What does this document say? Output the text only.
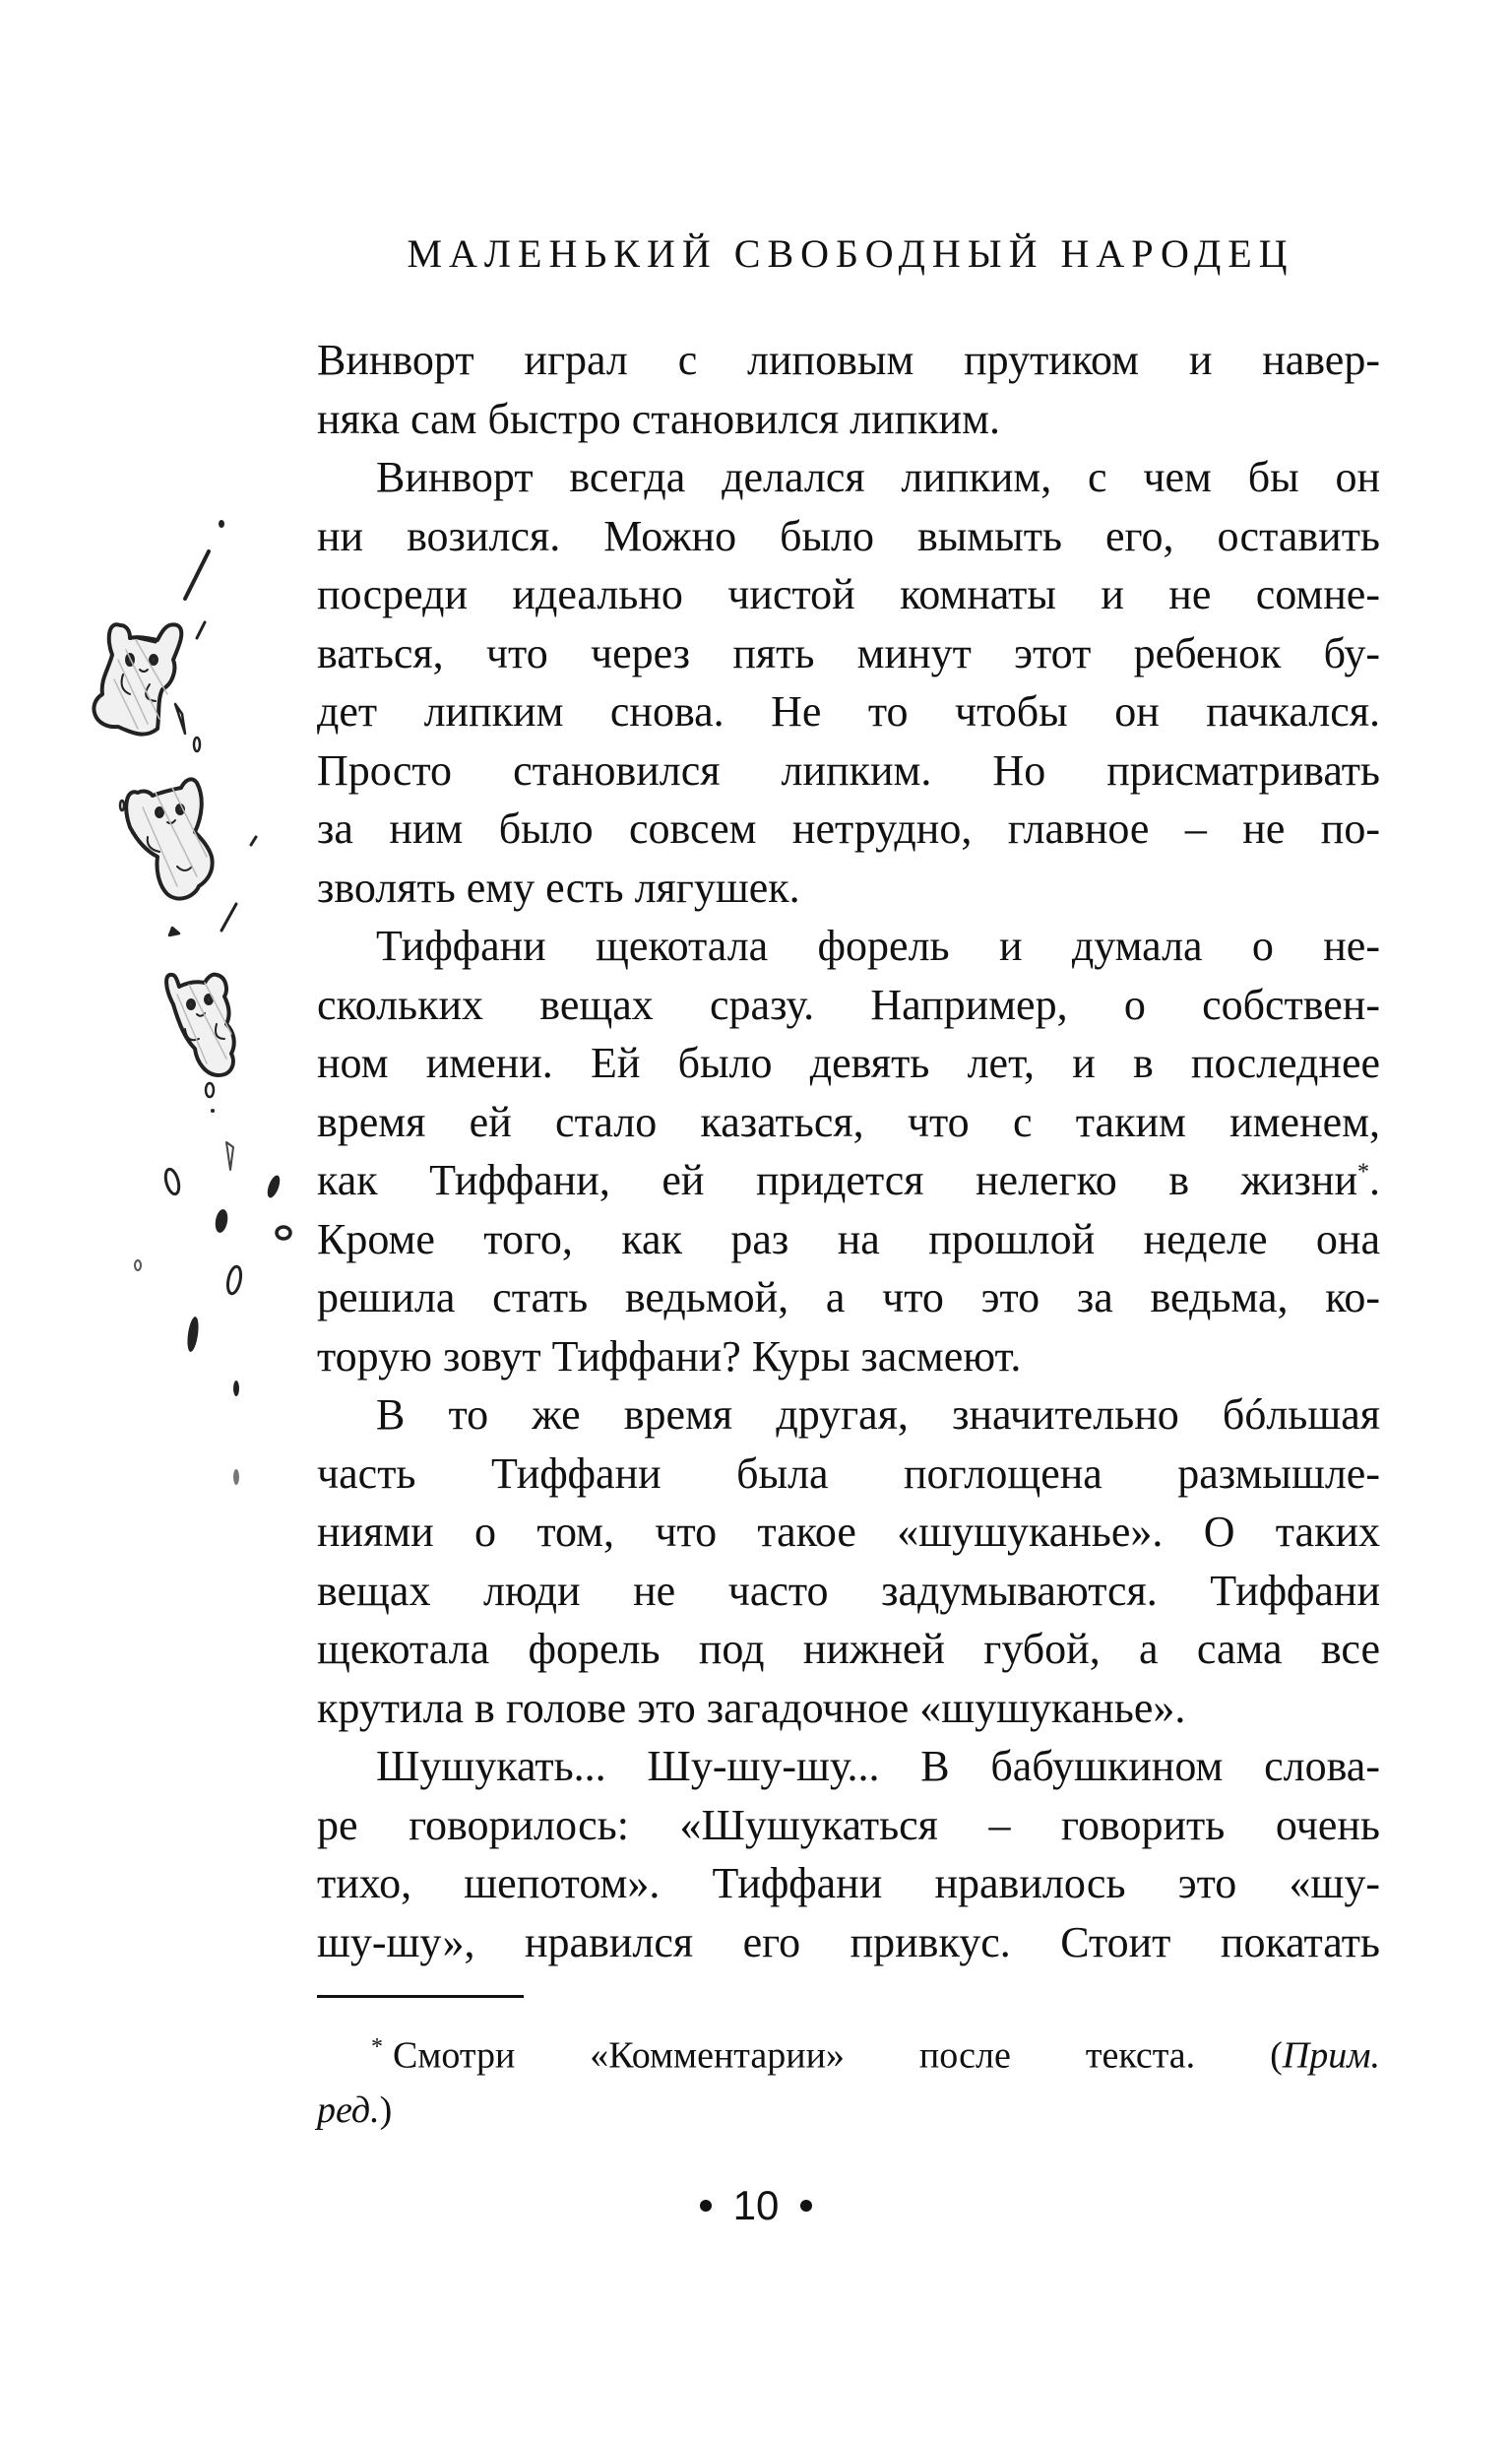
МАЛЕНЬКИЙ СВОБОДНЫЙ НАРОДЕЦ
Винворт играл с липовым прутиком и навер-
няка сам быстро становился липким.
Винворт всегда делался липким, с чем бы он
ни возился. Можно было вымыть его, оставить
посреди идеально чистой комнаты и не сомне-
ваться, что через пять минут этот ребенок бу-
дет липким снова. Не то чтобы он пачкался.
Просто становился липким. Но присматривать
за ним было совсем нетрудно, главное – не по-
зволять ему есть лягушек.
Тиффани щекотала форель и думала о не-
скольких вещах сразу. Например, о собствен-
ном имени. Ей было девять лет, и в последнее
время ей стало казаться, что с таким именем,
как Тиффани, ей придется нелегко в жизни*.
Кроме того, как раз на прошлой неделе она
решила стать ведьмой, а что это за ведьма, ко-
торую зовут Тиффани? Куры засмеют.
В то же время другая, значительно бóльшая
часть Тиффани была поглощена размышле-
ниями о том, что такое «шушуканье». О таких
вещах люди не часто задумываются. Тиффани
щекотала форель под нижней губой, а сама все
крутила в голове это загадочное «шушуканье».
Шушукать... Шу-шу-шу... В бабушкином слова-
ре говорилось: «Шушукаться – говорить очень
тихо, шепотом». Тиффани нравилось это «шу-
шу-шу», нравился его привкус. Стоит покатать
* Смотри «Комментарии» после текста. (Прим.
ред.)
10
